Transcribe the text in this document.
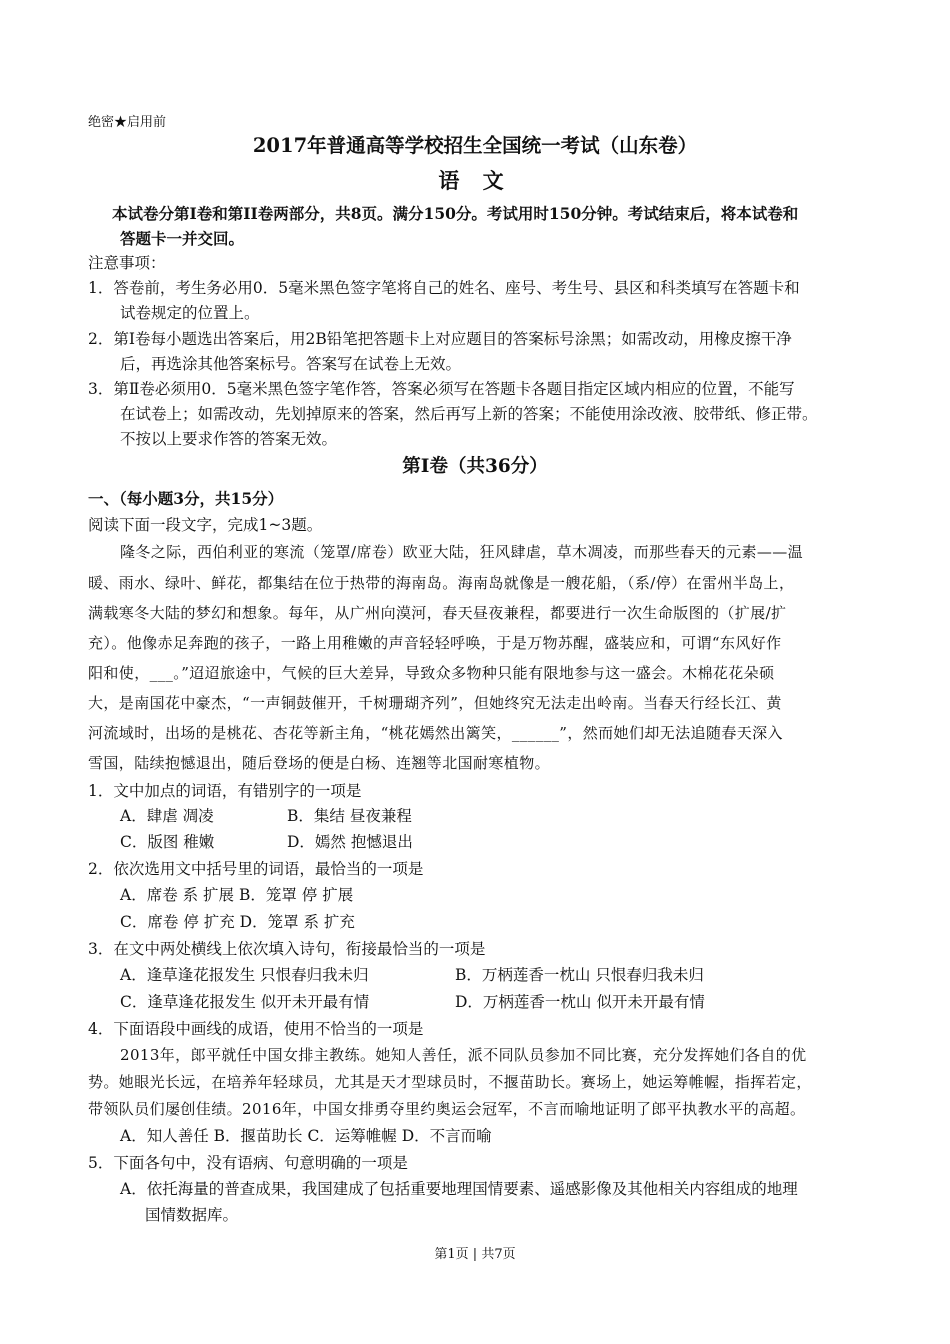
绝密★启用前
2017年普通高等学校招生全国统一考试（山东卷）
语 文
本试卷分第I卷和第II卷两部分，共8页。满分150分。考试用时150分钟。考试结束后，将本试卷和
答题卡一并交回。
注意事项：
1．答卷前，考生务必用0．5毫米黑色签字笔将自己的姓名、座号、考生号、县区和科类填写在答题卡和
试卷规定的位置上。
2．第Ⅰ卷每小题选出答案后，用2B铅笔把答题卡上对应题目的答案标号涂黑；如需改动，用橡皮擦干净
后，再选涂其他答案标号。答案写在试卷上无效。
3．第Ⅱ卷必须用0．5毫米黑色签字笔作答，答案必须写在答题卡各题目指定区域内相应的位置，不能写
在试卷上；如需改动，先划掉原来的答案，然后再写上新的答案；不能使用涂改液、胶带纸、修正带。
不按以上要求作答的答案无效。
第I卷（共36分）
一、（每小题3分，共15分）
阅读下面一段文字，完成1~3题。
隆冬之际，西伯利亚的寒流（笼罩/席卷）欧亚大陆，狂风肆虐，草木凋凌，而那些春天的元素——温
暖、雨水、绿叶、鲜花，都集结在位于热带的海南岛。海南岛就像是一艘花船，（系/停）在雷州半岛上，
满载寒冬大陆的梦幻和想象。每年，从广州向漠河，春天昼夜兼程，都要进行一次生命版图的（扩展/扩
充）。他像赤足奔跑的孩子，一路上用稚嫩的声音轻轻呼唤，于是万物苏醒，盛装应和，可谓“东风好作
阳和使，___。”迢迢旅途中，气候的巨大差异，导致众多物种只能有限地参与这一盛会。木棉花花朵硕
大，是南国花中豪杰，“一声铜鼓催开，千树珊瑚齐列”，但她终究无法走出岭南。当春天行经长江、黄
河流域时，出场的是桃花、杏花等新主角，“桃花嫣然出篱笑，______”，然而她们却无法追随春天深入
雪国，陆续抱憾退出，随后登场的便是白杨、连翘等北国耐寒植物。
1．文中加点的词语，有错别字的一项是
A．肆虐 凋凌	B．集结 昼夜兼程
C．版图 稚嫩	D．嫣然 抱憾退出
2．依次选用文中括号里的词语，最恰当的一项是
A．席卷 系 扩展 B．笼罩 停 扩展
C．席卷 停 扩充 D．笼罩 系 扩充
3．在文中两处横线上依次填入诗句，衔接最恰当的一项是
A．逢草逢花报发生 只恨春归我未归	B．万柄莲香一枕山 只恨春归我未归
C．逢草逢花报发生 似开未开最有情	D．万柄莲香一枕山 似开未开最有情
4．下面语段中画线的成语，使用不恰当的一项是
2013年，郎平就任中国女排主教练。她知人善任，派不同队员参加不同比赛，充分发挥她们各自的优
势。她眼光长远，在培养年轻球员，尤其是天才型球员时，不揠苗助长。赛场上，她运筹帷幄，指挥若定，
带领队员们屡创佳绩。2016年，中国女排勇夺里约奥运会冠军，不言而喻地证明了郎平执教水平的高超。
A．知人善任 B．揠苗助长 C．运筹帷幄 D．不言而喻
5．下面各句中，没有语病、句意明确的一项是
A．依托海量的普查成果，我国建成了包括重要地理国情要素、遥感影像及其他相关内容组成的地理
国情数据库。
第1页 | 共7页
